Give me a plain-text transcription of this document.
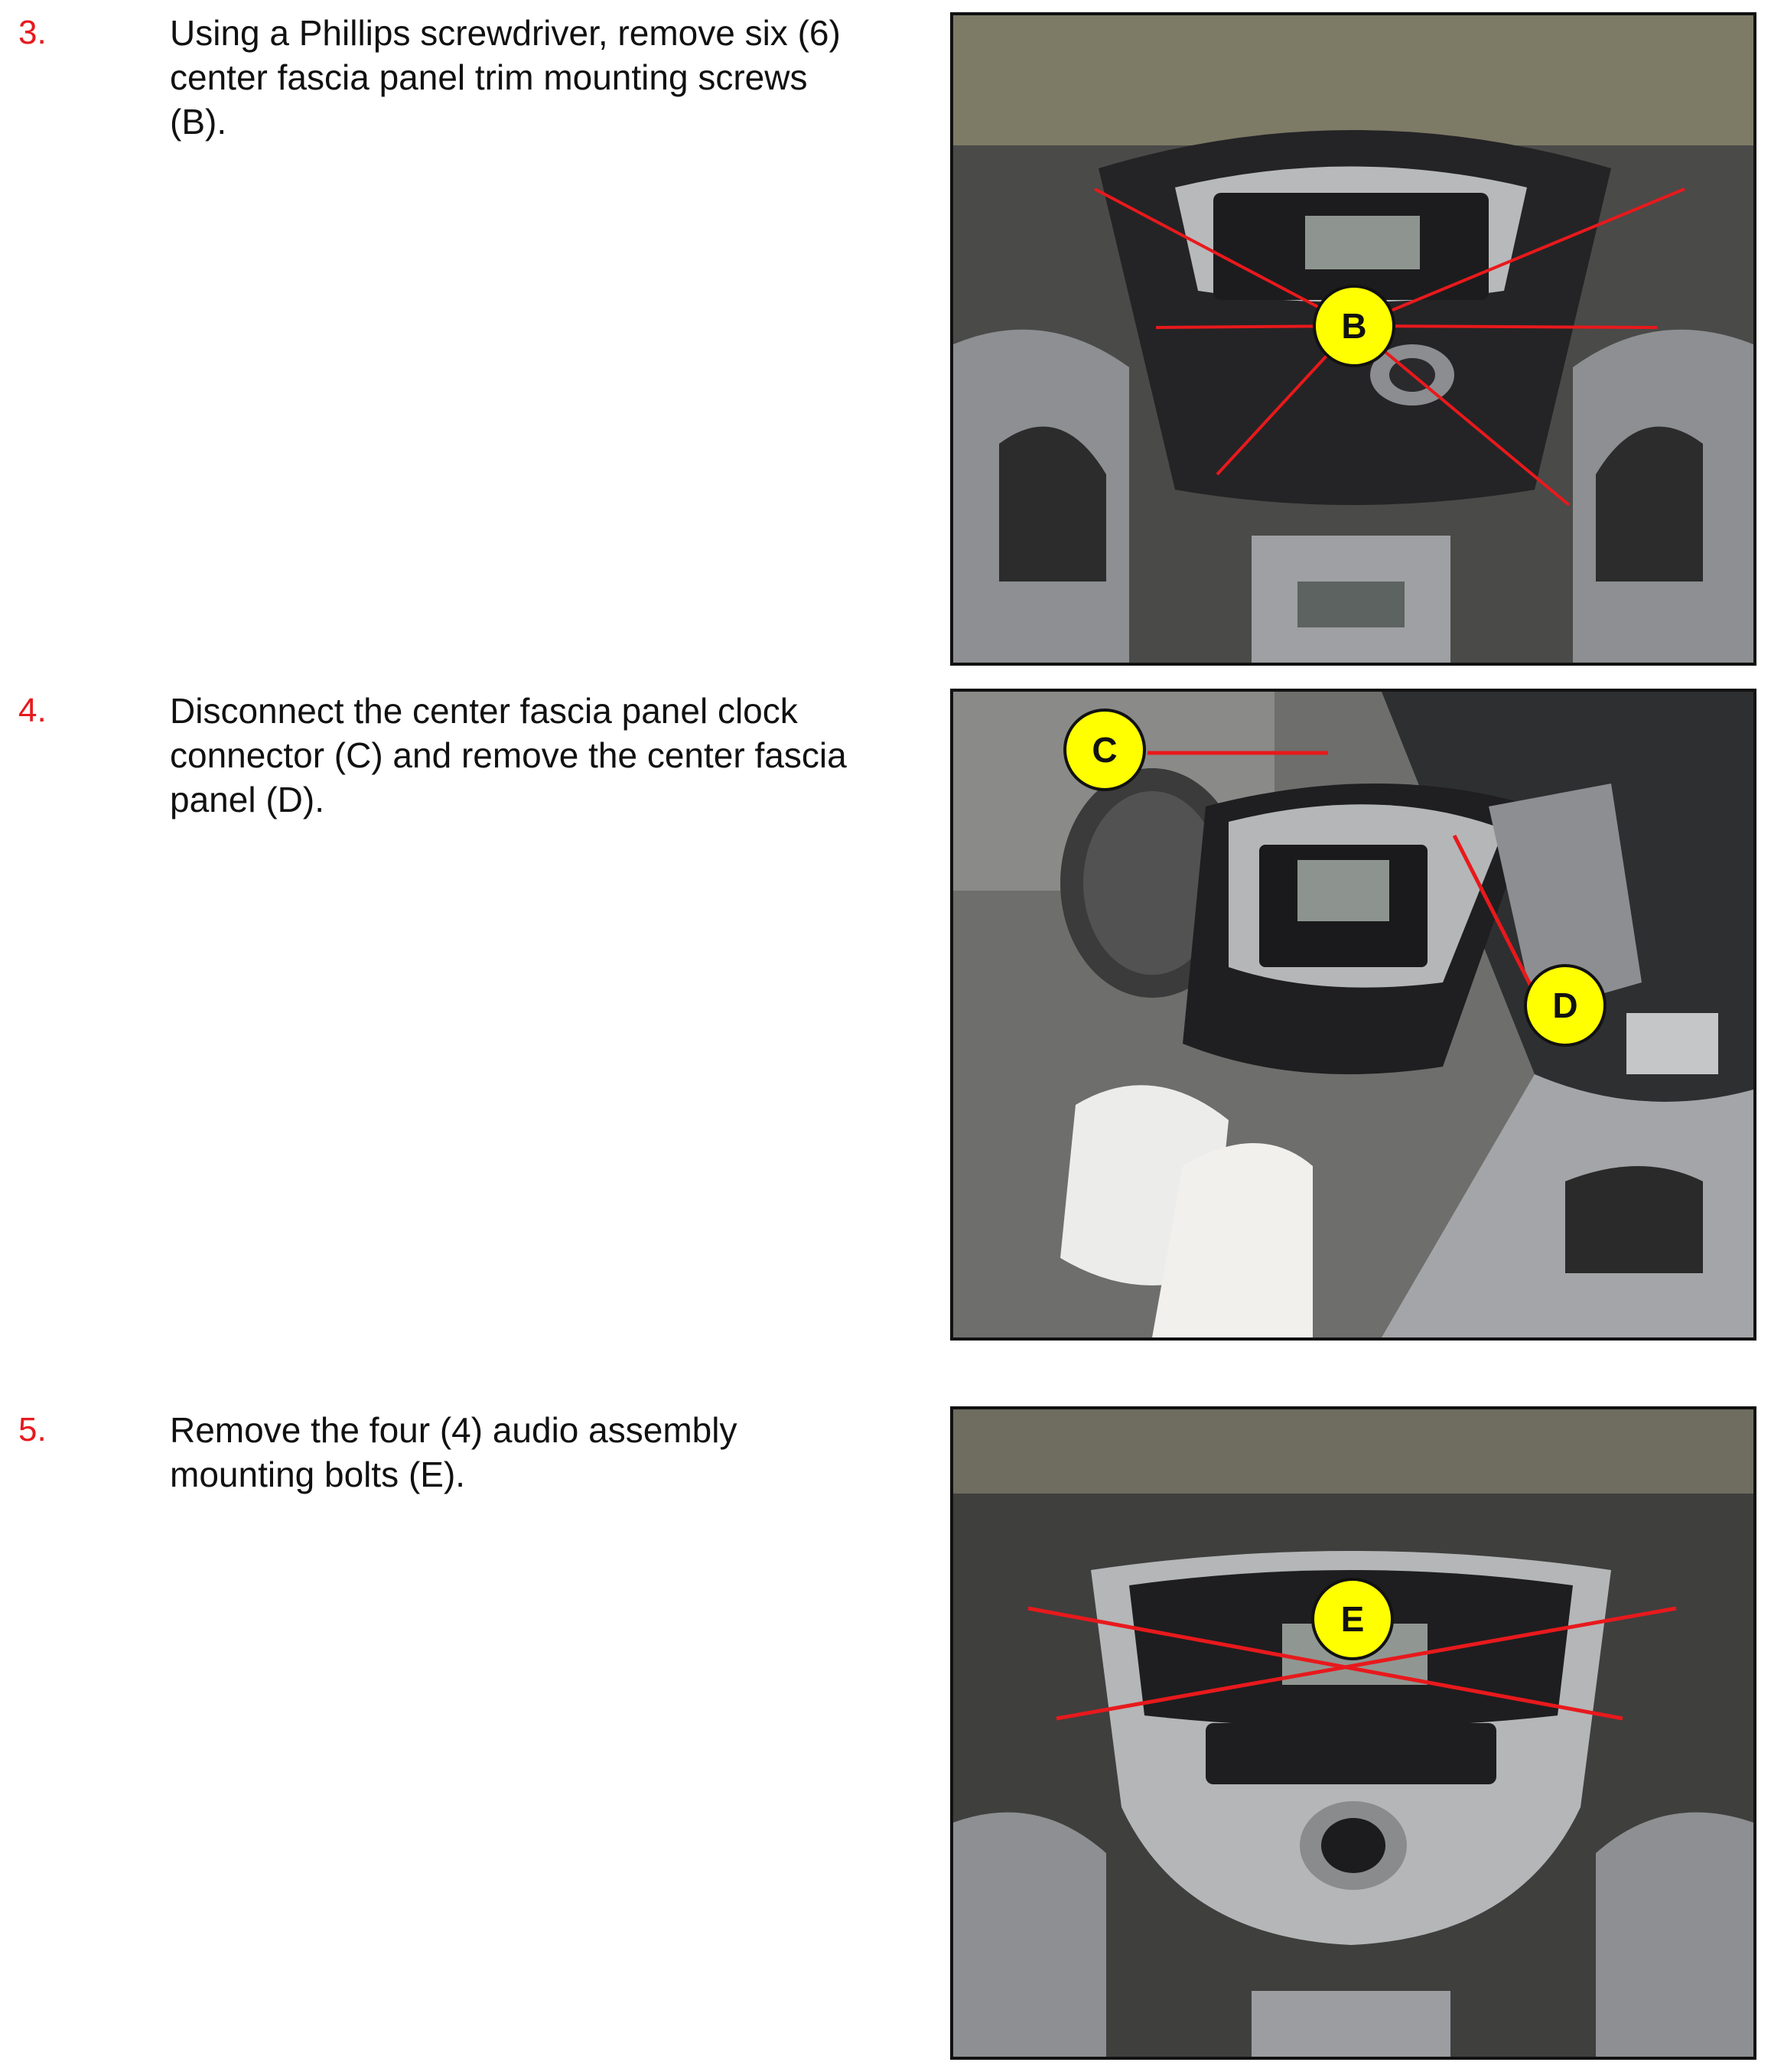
3.	Using a Phillips screwdriver, remove six (6)
center fascia panel trim mounting screws
(B).
B
4.	Disconnect the center fascia panel clock
connector (C) and remove the center fascia
panel (D).
C
D
5.	Remove the four (4) audio assembly
mounting bolts (E).
E
